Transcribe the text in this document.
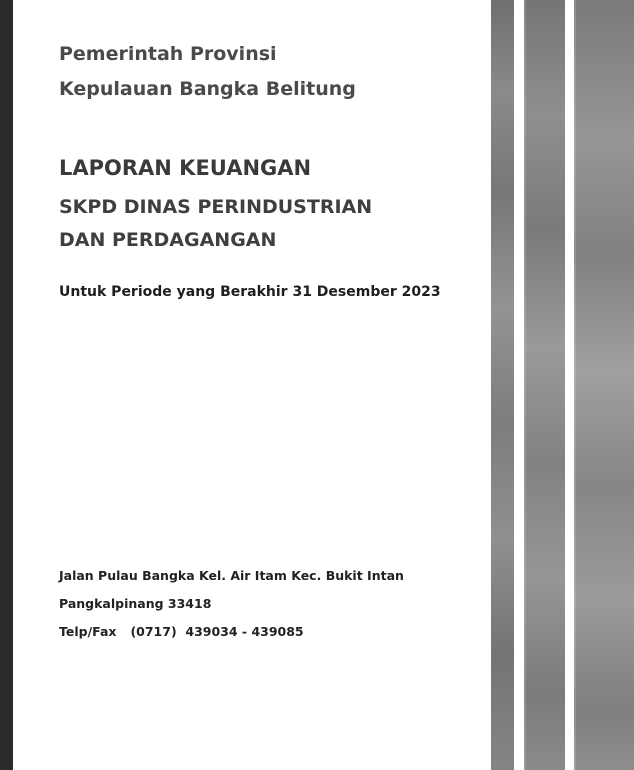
Pemerintah Provinsi
Kepulauan Bangka Belitung
LAPORAN KEUANGAN
SKPD DINAS PERINDUSTRIAN
DAN PERDAGANGAN
Untuk Periode yang Berakhir 31 Desember 2023
Jalan Pulau Bangka Kel. Air Itam Kec. Bukit Intan
Pangkalpinang 33418
Telp/Fax (0717)  439034 - 439085
